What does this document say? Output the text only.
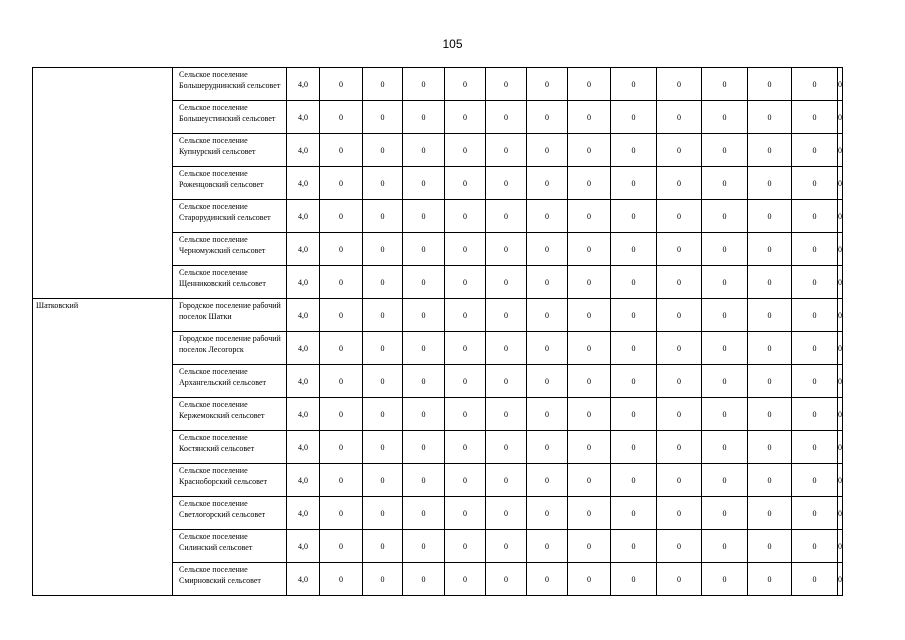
105
	Сельское поселение Большеруднинский сельсовет	4,0	0	0	0	0	0	0	0	0	0	0	0	0	0
	Сельское поселение Большеустинский сельсовет	4,0	0	0	0	0	0	0	0	0	0	0	0	0	0
	Сельское поселение Купнурский сельсовет	4,0	0	0	0	0	0	0	0	0	0	0	0	0	0
	Сельское поселение Роженцовский сельсовет	4,0	0	0	0	0	0	0	0	0	0	0	0	0	0
	Сельское поселение Старорудинский сельсовет	4,0	0	0	0	0	0	0	0	0	0	0	0	0	0
	Сельское поселение Черномужский сельсовет	4,0	0	0	0	0	0	0	0	0	0	0	0	0	0
	Сельское поселение Щенниковский сельсовет	4,0	0	0	0	0	0	0	0	0	0	0	0	0	0
Шатковский	Городское поселение рабочий поселок Шатки	4,0	0	0	0	0	0	0	0	0	0	0	0	0	0
	Городское поселение рабочий поселок Лесогорск	4,0	0	0	0	0	0	0	0	0	0	0	0	0	0
	Сельское поселение Архангельский сельсовет	4,0	0	0	0	0	0	0	0	0	0	0	0	0	0
	Сельское поселение Кержемокский сельсовет	4,0	0	0	0	0	0	0	0	0	0	0	0	0	0
	Сельское поселение Костянский сельсовет	4,0	0	0	0	0	0	0	0	0	0	0	0	0	0
	Сельское поселение Красноборский сельсовет	4,0	0	0	0	0	0	0	0	0	0	0	0	0	0
	Сельское поселение Светлогорский сельсовет	4,0	0	0	0	0	0	0	0	0	0	0	0	0	0
	Сельское поселение Силинский сельсовет	4,0	0	0	0	0	0	0	0	0	0	0	0	0	0
	Сельское поселение Смирновский сельсовет	4,0	0	0	0	0	0	0	0	0	0	0	0	0	0
